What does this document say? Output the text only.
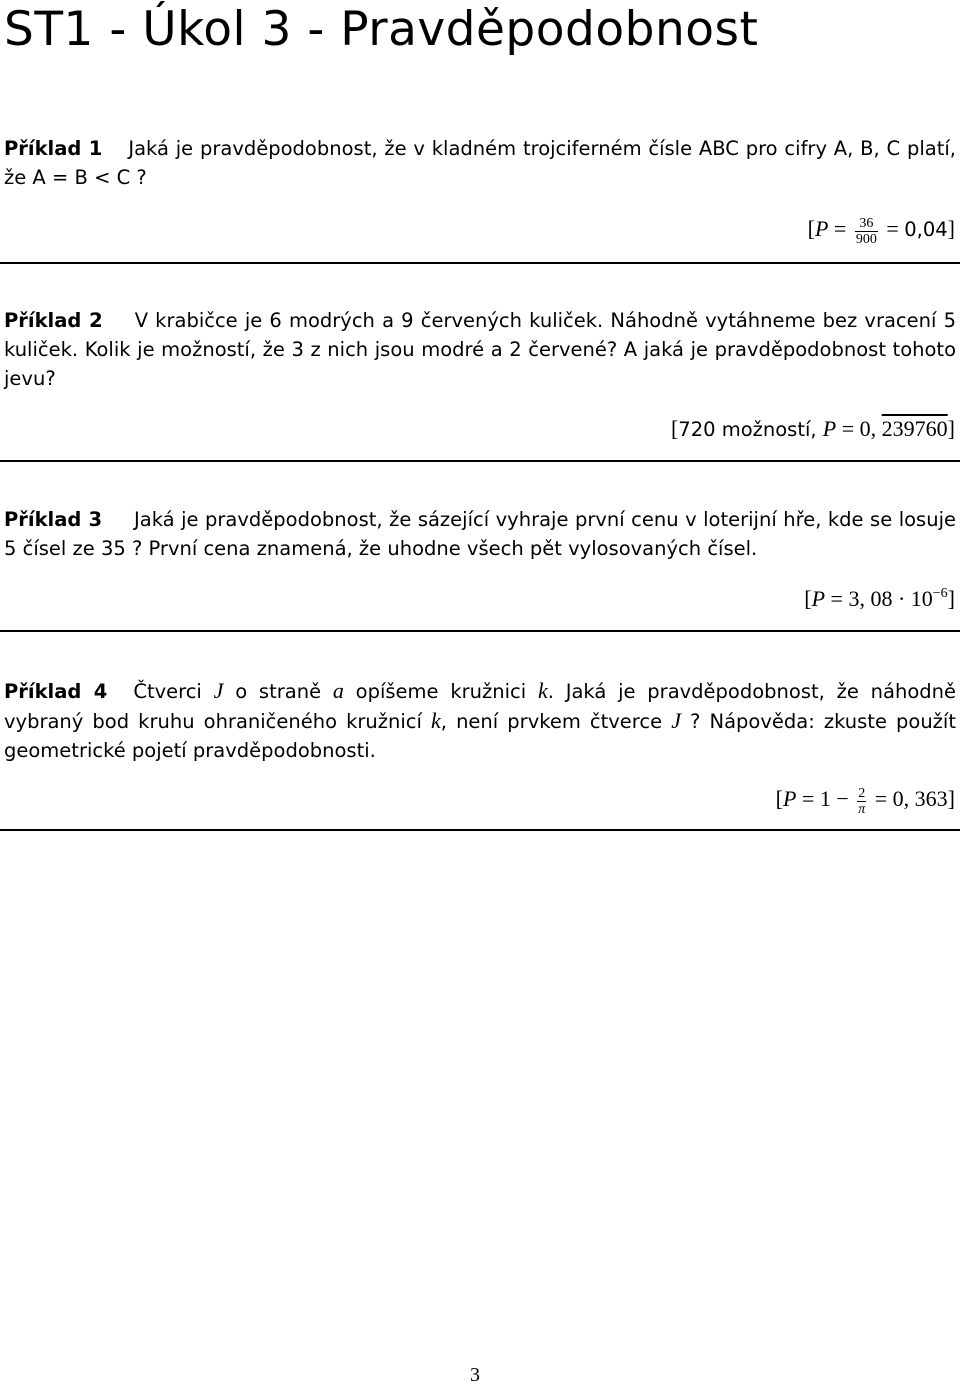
ST1 - Úkol 3 - Pravděpodobnost
Příklad 1 Jaká je pravděpodobnost, že v kladném trojciferném čísle ABC pro cifry A, B, C platí, že A = B < C ?
$[P = \frac{36}{900} = 0,04]$
Příklad 2 V krabičce je 6 modrých a 9 červených kuliček. Náhodně vytáhneme bez vracení 5 kuliček. Kolik je možností, že 3 z nich jsou modré a 2 červené? A jaká je pravděpodobnost tohoto jevu?
[720 možností, P = 0, 239760]
Příklad 3 Jaká je pravděpodobnost, že sázející vyhraje první cenu v loterijní hře, kde se losuje 5 čísel ze 35 ? První cena znamená, že uhodne všech pět vylosovaných čísel.
[P = 3, $08 \cdot 10^{-6}$]
Příklad 4 Čtverci J o straně a opíšeme kružnici k. Jaká je pravděpodobnost, že náhodně vybraný bod kruhu ohraničeného kružnicí k, není prvkem čtverce J ? Nápověda: zkuste použít geometrické pojetí pravděpodobnosti.
[$P = 1 - \frac{2}{\pi} = 0$, 363]
3
